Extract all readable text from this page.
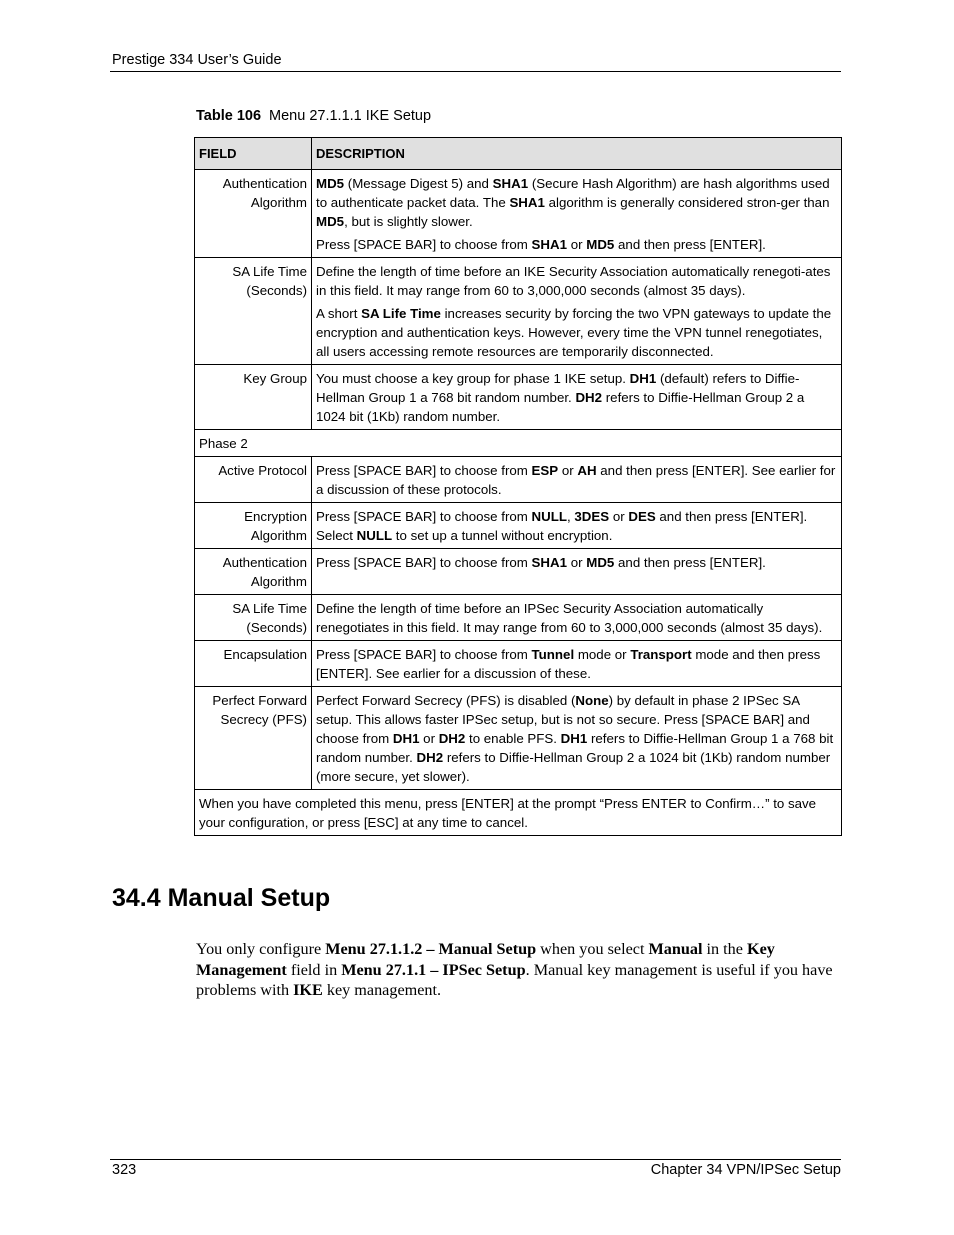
Prestige 334 User’s Guide
Table 106 Menu 27.1.1.1 IKE Setup
FIELD	DESCRIPTION
Authentication Algorithm	MD5 (Message Digest 5) and SHA1 (Secure Hash Algorithm) are hash algorithms used to authenticate packet data. The SHA1 algorithm is generally considered stron-ger than MD5, but is slightly slower.

Press [SPACE BAR] to choose from SHA1 or MD5 and then press [ENTER].

SA Life Time (Seconds)	Define the length of time before an IKE Security Association automatically renegoti-ates in this field. It may range from 60 to 3,000,000 seconds (almost 35 days).

A short SA Life Time increases security by forcing the two VPN gateways to update the encryption and authentication keys. However, every time the VPN tunnel renegotiates, all users accessing remote resources are temporarily disconnected.

Key Group	You must choose a key group for phase 1 IKE setup. DH1 (default) refers to Diffie-Hellman Group 1 a 768 bit random number. DH2 refers to Diffie-Hellman Group 2 a 1024 bit (1Kb) random number.

Phase 2	
Active Protocol	Press [SPACE BAR] to choose from ESP or AH and then press [ENTER]. See earlier for a discussion of these protocols.

Encryption Algorithm	Press [SPACE BAR] to choose from NULL, 3DES or DES and then press [ENTER]. Select NULL to set up a tunnel without encryption.

Authentication Algorithm	Press [SPACE BAR] to choose from SHA1 or MD5 and then press [ENTER].

SA Life Time (Seconds)	Define the length of time before an IPSec Security Association automatically renegotiates in this field. It may range from 60 to 3,000,000 seconds (almost 35 days).

Encapsulation	Press [SPACE BAR] to choose from Tunnel mode or Transport mode and then press [ENTER]. See earlier for a discussion of these.

Perfect Forward Secrecy (PFS)	Perfect Forward Secrecy (PFS) is disabled (None) by default in phase 2 IPSec SA setup. This allows faster IPSec setup, but is not so secure. Press [SPACE BAR] and choose from DH1 or DH2 to enable PFS. DH1 refers to Diffie-Hellman Group 1 a 768 bit random number. DH2 refers to Diffie-Hellman Group 2 a 1024 bit (1Kb) random number (more secure, yet slower).

When you have completed this menu, press [ENTER] at the prompt “Press ENTER to Confirm…” to save your configuration, or press [ESC] at any time to cancel.	
34.4 Manual Setup
You only configure Menu 27.1.1.2 – Manual Setup when you select Manual in the Key Management field in Menu 27.1.1 – IPSec Setup. Manual key management is useful if you have problems with IKE key management.
323	Chapter 34 VPN/IPSec Setup
